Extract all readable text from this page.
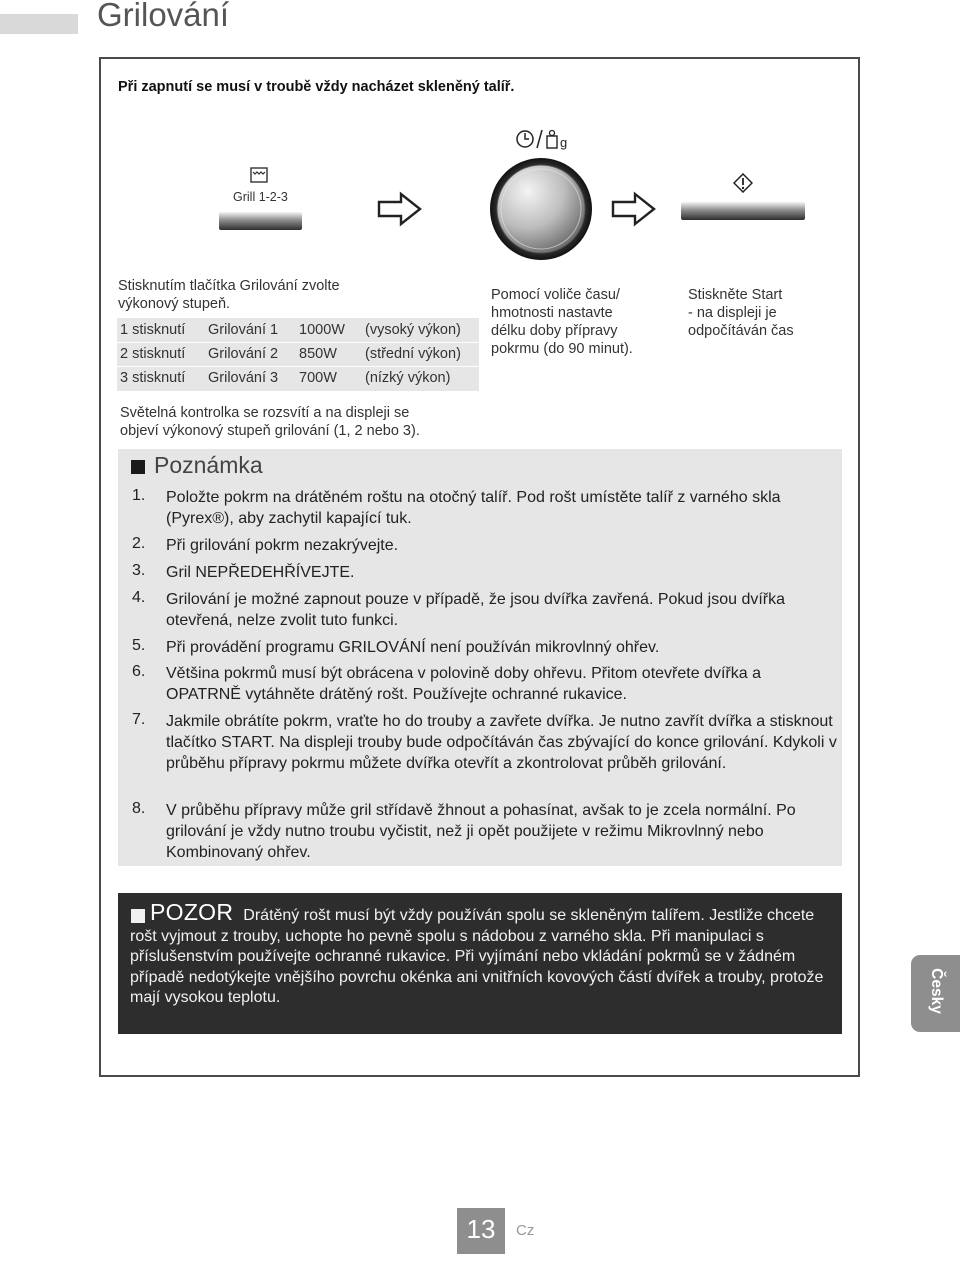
Grilování
Při zapnutí se musí v troubě vždy nacházet skleněný talíř.
Grill 1-2-3
g
Stisknutím tlačítka Grilování zvolte
výkonový stupeň.
1 stisknutí Grilování 1 1000W (vysoký výkon)
2 stisknutí Grilování 2 850W (střední výkon)
3 stisknutí Grilování 3 700W (nízký výkon)
Světelná kontrolka se rozsvítí a na displeji se
objeví výkonový stupeň grilování (1, 2 nebo 3).
Pomocí voliče času/
hmotnosti nastavte
délku doby přípravy
pokrmu (do 90 minut).
Stiskněte Start
- na displeji je
odpočítáván čas
Poznámka
1. Položte pokrm na drátěném roštu na otočný talíř. Pod rošt umístěte talíř z varného skla (Pyrex®), aby zachytil kapající tuk.
2. Při grilování pokrm nezakrývejte.
3. Gril NEPŘEDEHŘÍVEJTE.
4. Grilování je možné zapnout pouze v případě, že jsou dvířka zavřená. Pokud jsou dvířka otevřená, nelze zvolit tuto funkci.
5. Při provádění programu GRILOVÁNÍ není používán mikrovlnný ohřev.
6. Většina pokrmů musí být obrácena v polovině doby ohřevu. Přitom otevřete dvířka a OPATRNĚ vytáhněte drátěný rošt. Používejte ochranné rukavice.
7. Jakmile obrátíte pokrm, vraťte ho do trouby a zavřete dvířka. Je nutno zavřít dvířka a stisknout tlačítko START. Na displeji trouby bude odpočítáván čas zbývající do konce grilování. Kdykoli v průběhu přípravy pokrmu můžete dvířka otevřít a zkontrolovat průběh grilování.
8. V průběhu přípravy může gril střídavě žhnout a pohasínat, avšak to je zcela normální. Po grilování je vždy nutno troubu vyčistit, než ji opět použijete v režimu Mikrovlnný nebo Kombinovaný ohřev.
POZOR Drátěný rošt musí být vždy používán spolu se skleněným talířem. Jestliže chcete rošt vyjmout z trouby, uchopte ho pevně spolu s nádobou z varného skla. Při manipulaci s příslušenstvím používejte ochranné rukavice. Při vyjímání nebo vkládání pokrmů se v žádném případě nedotýkejte vnějšího povrchu okénka ani vnitřních kovových částí dvířek a trouby, protože mají vysokou teplotu.	Česky
13	Cz
